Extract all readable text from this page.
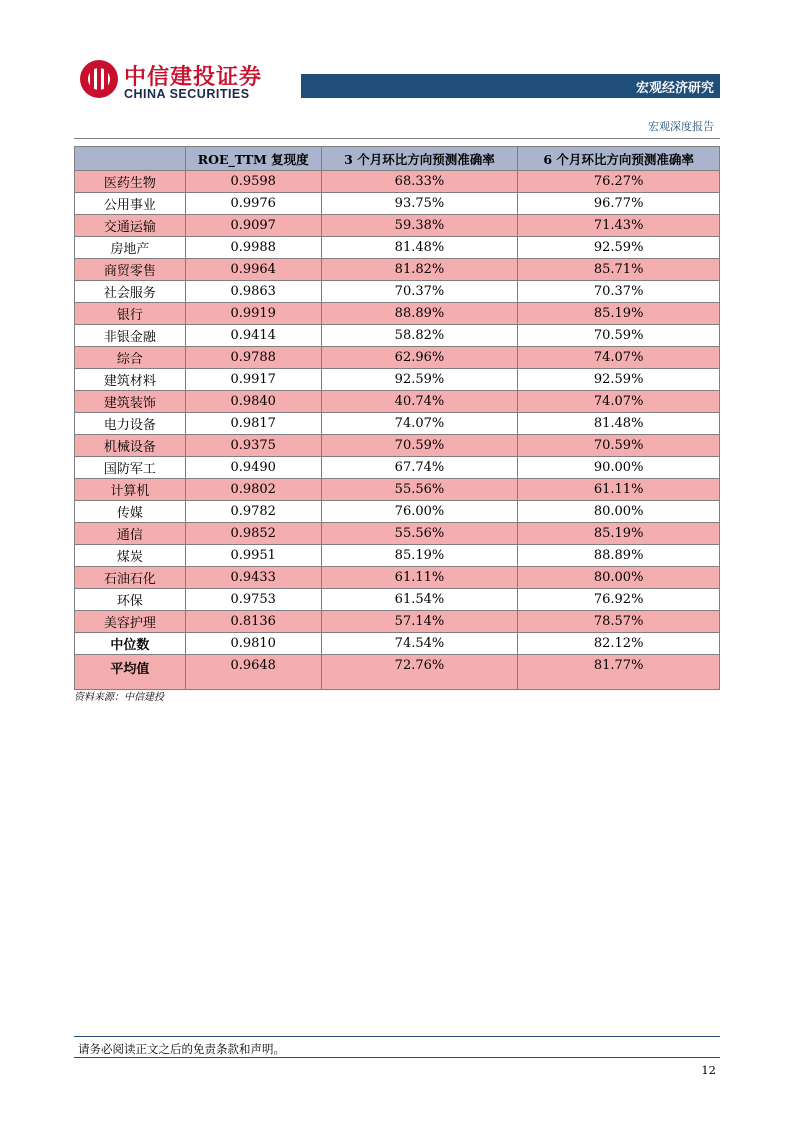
中信建投证券
CHINA SECURITIES	宏观经济研究
宏观深度报告
	ROE_TTM 复现度	3 个月环比方向预测准确率	6 个月环比方向预测准确率
医药生物	0.9598	68.33%	76.27%
公用事业	0.9976	93.75%	96.77%
交通运输	0.9097	59.38%	71.43%
房地产	0.9988	81.48%	92.59%
商贸零售	0.9964	81.82%	85.71%
社会服务	0.9863	70.37%	70.37%
银行	0.9919	88.89%	85.19%
非银金融	0.9414	58.82%	70.59%
综合	0.9788	62.96%	74.07%
建筑材料	0.9917	92.59%	92.59%
建筑装饰	0.9840	40.74%	74.07%
电力设备	0.9817	74.07%	81.48%
机械设备	0.9375	70.59%	70.59%
国防军工	0.9490	67.74%	90.00%
计算机	0.9802	55.56%	61.11%
传媒	0.9782	76.00%	80.00%
通信	0.9852	55.56%	85.19%
煤炭	0.9951	85.19%	88.89%
石油石化	0.9433	61.11%	80.00%
环保	0.9753	61.54%	76.92%
美容护理	0.8136	57.14%	78.57%
中位数	0.9810	74.54%	82.12%
平均值	0.9648	72.76%	81.77%
资料来源：中信建投
请务必阅读正文之后的免责条款和声明。
12
